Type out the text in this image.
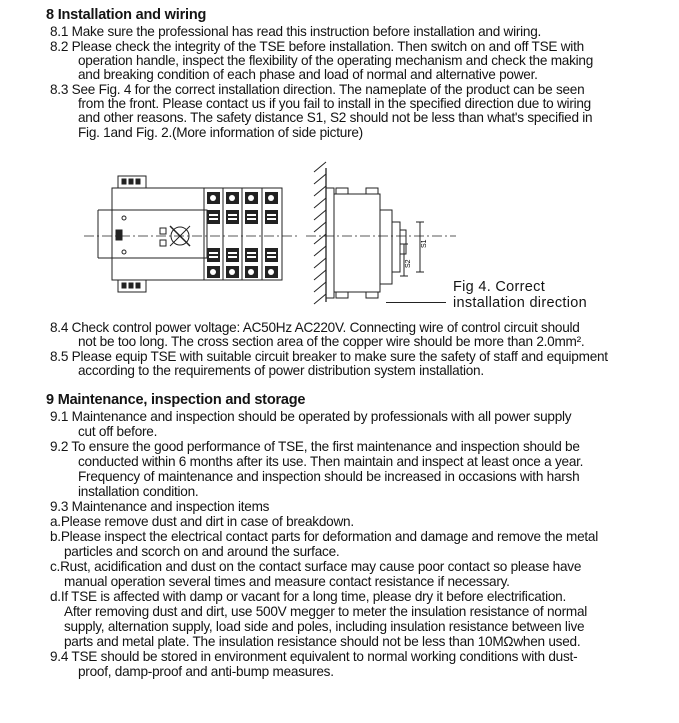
8 Installation and wiring
8.1 Make sure the professional has read this instruction before installation and wiring.
8.2 Please check the integrity of the TSE before installation. Then switch on and off TSE with
operation handle, inspect the flexibility of the operating mechanism and check the making
and breaking condition of each phase and load of normal and alternative power.
8.3 See Fig. 4 for the correct installation direction. The nameplate of the product can be seen
from the front. Please contact us if you fail to install in the specified direction due to wiring
and other reasons. The safety distance S1, S2 should not be less than what's specified in
Fig. 1and Fig. 2.(More information of side picture)
S1
S2
Fig 4. Correct
installation direction
8.4 Check control power voltage: AC50Hz AC220V. Connecting wire of control circuit should
not be too long. The cross section area of the copper wire should be more than 2.0mm².
8.5 Please equip TSE with suitable circuit breaker to make sure the safety of staff and equipment
according to the requirements of power distribution system installation.
9 Maintenance, inspection and storage
9.1 Maintenance and inspection should be operated by professionals with all power supply
cut off before.
9.2 To ensure the good performance of TSE, the first maintenance and inspection should be
conducted within 6 months after its use. Then maintain and inspect at least once a year.
Frequency of maintenance and inspection should be increased in occasions with harsh
installation condition.
9.3 Maintenance and inspection items
a.Please remove dust and dirt in case of breakdown.
b.Please inspect the electrical contact parts for deformation and damage and remove the metal
particles and scorch on and around the surface.
c.Rust, acidification and dust on the contact surface may cause poor contact so please have
manual operation several times and measure contact resistance if necessary.
d.If TSE is affected with damp or vacant for a long time, please dry it before electrification.
After removing dust and dirt, use 500V megger to meter the insulation resistance of normal
supply, alternation supply, load side and poles, including insulation resistance between live
parts and metal plate. The insulation resistance should not be less than 10MΩwhen used.
9.4 TSE should be stored in environment equivalent to normal working conditions with dust-
proof, damp-proof and anti-bump measures.
